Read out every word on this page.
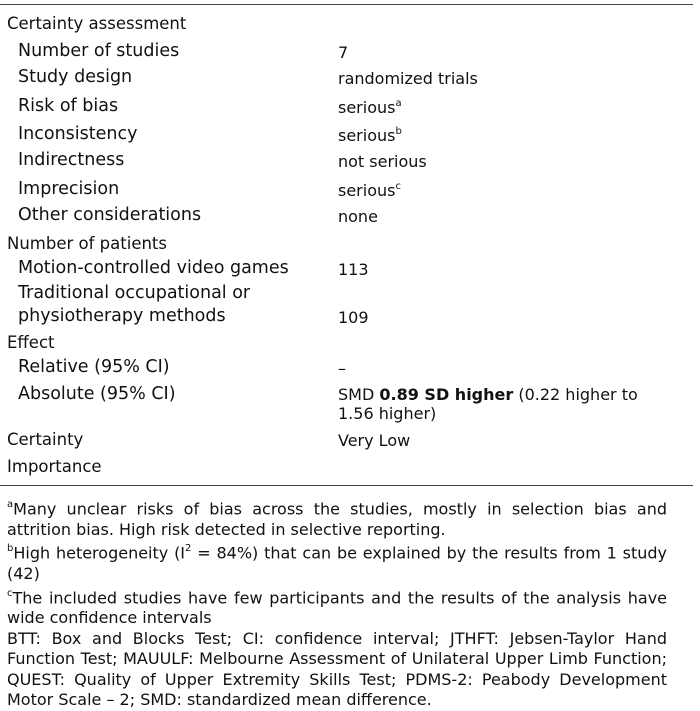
Certainty assessment
Number of studies	7
Study design	randomized trials
Risk of bias	serious$^a$
Inconsistency	serious$^b$
Indirectness	not serious
Imprecision	serious$^c$
Other considerations	none
Number of patients
Motion-controlled video games	113
Traditional occupational or
physiotherapy methods	109
Effect
Relative (95% CI)	–
Absolute (95% CI)	SMD 0.89 SD higher (0.22 higher to
1.56 higher)
Certainty	Very Low
Importance

$^a$Many unclear risks of bias across the studies, mostly in selection bias and attrition bias. High risk detected in selective reporting.

$^b$High heterogeneity $(I^2 = 84\%)$ that can be explained by the results from 1 study (42)

$^c$The included studies have few participants and the results of the analysis have wide confidence intervals

BTT: Box and Blocks Test; CI: confidence interval; JTHFT: Jebsen-Taylor Hand Function Test; MAUULF: Melbourne Assessment of Unilateral Upper Limb Function; QUEST: Quality of Upper Extremity Skills Test; PDMS-2: Peabody Development Motor Scale – 2; SMD: standardized mean difference.
